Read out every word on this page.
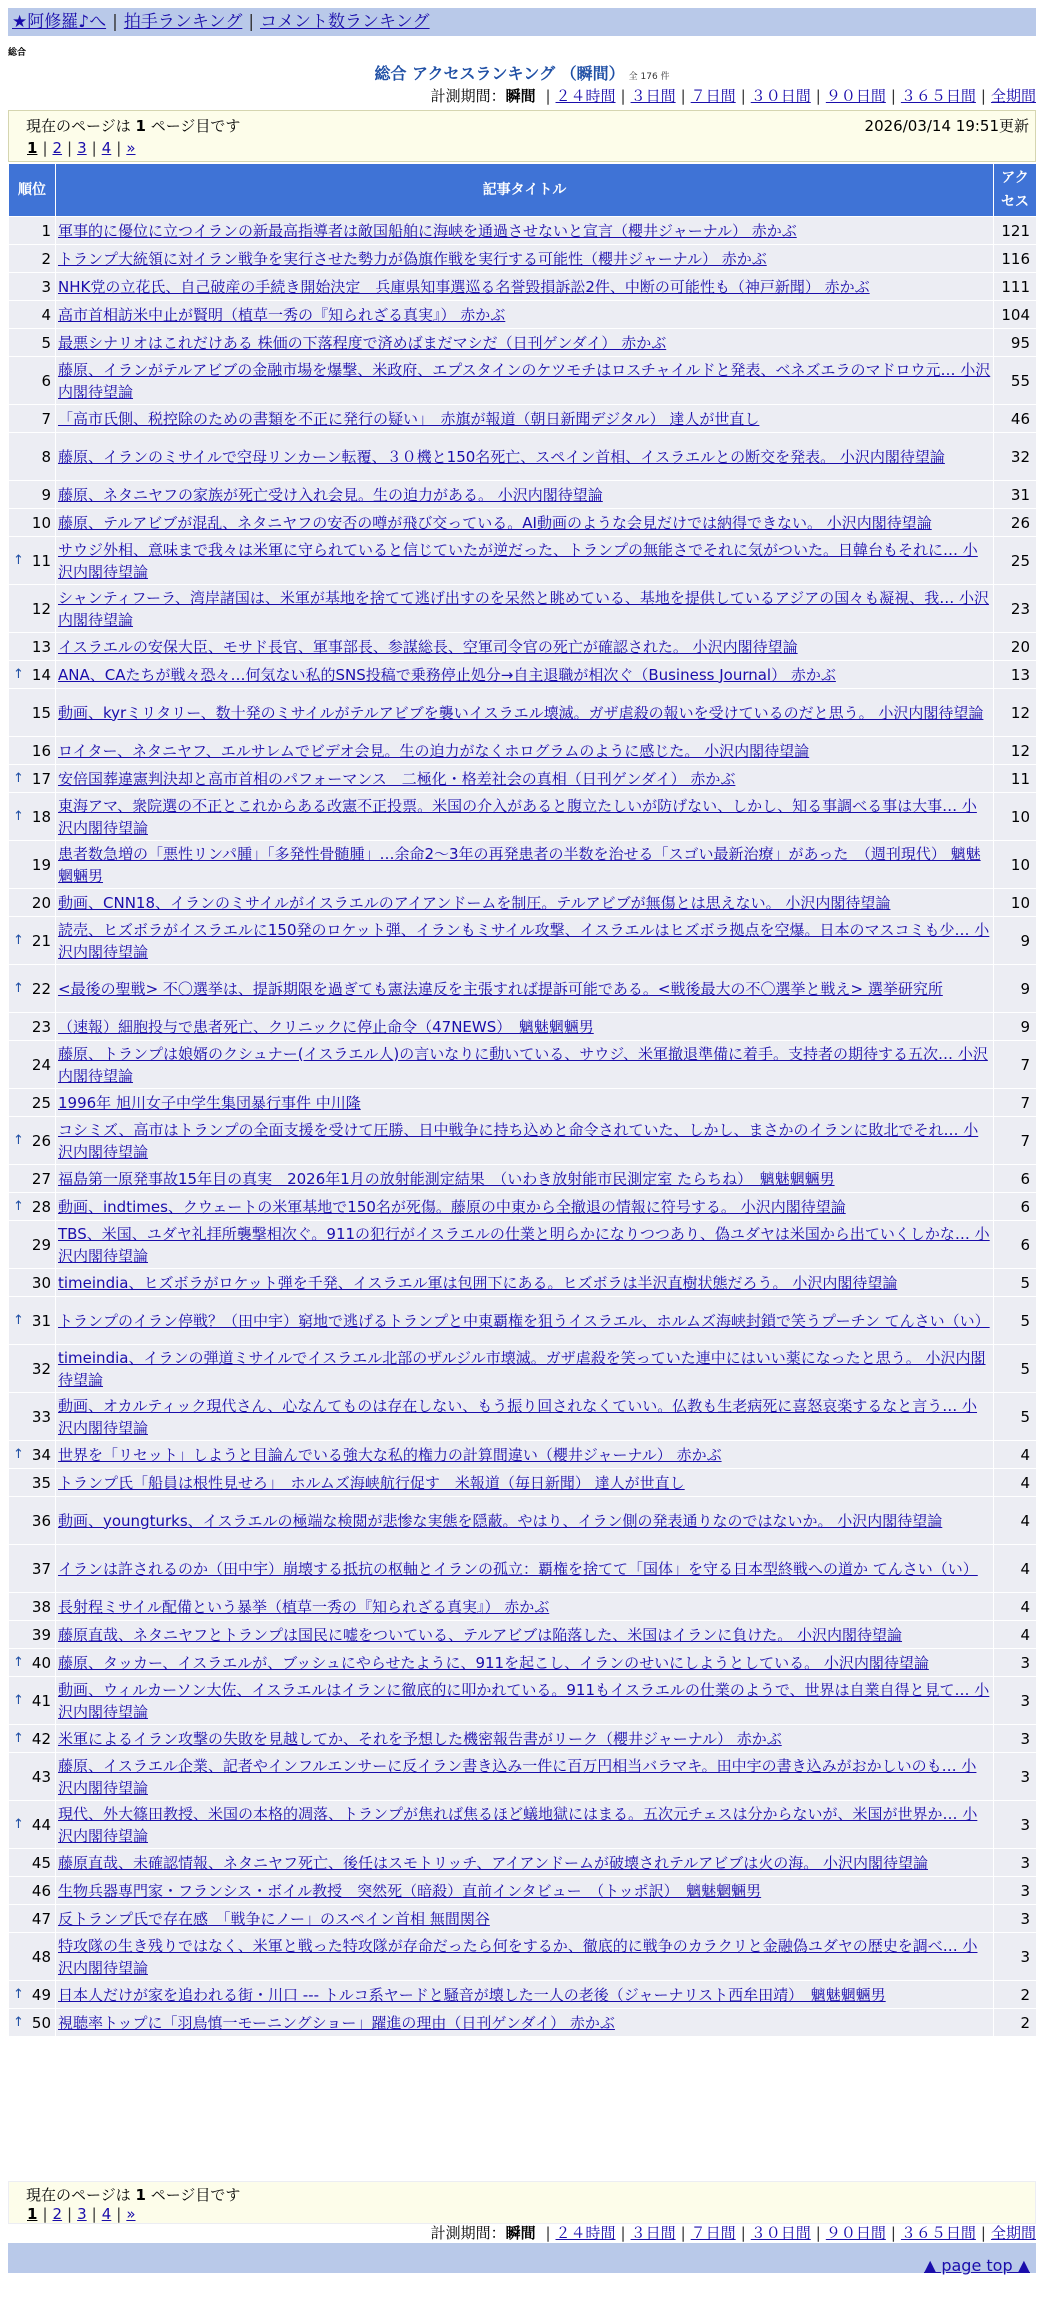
★阿修羅♪へ | 拍手ランキング | コメント数ランキング
総合
総合 アクセスランキング （瞬間） 全 176 件
計測期間：瞬間 | ２４時間 | ３日間 | ７日間 | ３０日間 | ９０日間 | ３６５日間 | 全期間
現在のページは 1 ページ目です	2026/03/14 19:51更新
1 | 2 | 3 | 4 | »
順位	記事タイトル	アクセス
1	軍事的に優位に立つイランの新最高指導者は敵国船舶に海峡を通過させないと宣言（櫻井ジャーナル） 赤かぶ	121
2	トランプ大統領に対イラン戦争を実行させた勢力が偽旗作戦を実行する可能性（櫻井ジャーナル） 赤かぶ	116
3	NHK党の立花氏、自己破産の手続き開始決定　兵庫県知事選巡る名誉毀損訴訟2件、中断の可能性も（神戸新聞） 赤かぶ	111
4	高市首相訪米中止が賢明（植草一秀の『知られざる真実』） 赤かぶ	104
5	最悪シナリオはこれだけある 株価の下落程度で済めばまだマシだ（日刊ゲンダイ） 赤かぶ	95
6	藤原、イランがテルアビブの金融市場を爆撃、米政府、エプスタインのケツモチはロスチャイルドと発表、ベネズエラのマドロウ元… 小沢内閣待望論	55
7	「高市氏側、税控除のための書類を不正に発行の疑い」　赤旗が報道（朝日新聞デジタル） 達人が世直し	46
8	藤原、イランのミサイルで空母リンカーン転覆、３０機と150名死亡、スペイン首相、イスラエルとの断交を発表。 小沢内閣待望論	32
9	藤原、ネタニヤフの家族が死亡受け入れ会見。生の迫力がある。 小沢内閣待望論	31
10	藤原、テルアビブが混乱、ネタニヤフの安否の噂が飛び交っている。AI動画のような会見だけでは納得できない。 小沢内閣待望論	26

↑ 11	サウジ外相、意味まで我々は米軍に守られていると信じていたが逆だった、トランプの無能さでそれに気がついた。日韓台もそれに… 小沢内閣待望論	25
12	シャンティフーラ、湾岸諸国は、米軍が基地を捨てて逃げ出すのを呆然と眺めている、基地を提供しているアジアの国々も凝視、我… 小沢内閣待望論	23
13	イスラエルの安保大臣、モサド長官、軍事部長、参謀総長、空軍司令官の死亡が確認された。 小沢内閣待望論	20

↑ 14	ANA、CAたちが戦々恐々…何気ない私的SNS投稿で乗務停止処分→自主退職が相次ぐ（Business Journal） 赤かぶ	13
15	動画、kyrミリタリー、数十発のミサイルがテルアビブを襲いイスラエル壊滅。ガザ虐殺の報いを受けているのだと思う。 小沢内閣待望論	12
16	ロイター、ネタニヤフ、エルサレムでビデオ会見。生の迫力がなくホログラムのように感じた。 小沢内閣待望論	12

↑ 17	安倍国葬違憲判決却と高市首相のパフォーマンス　二極化・格差社会の真相（日刊ゲンダイ） 赤かぶ	11

↑ 18	東海アマ、衆院選の不正とこれからある改憲不正投票。米国の介入があると腹立たしいが防げない、しかし、知る事調べる事は大事… 小沢内閣待望論	10
19	患者数急増の「悪性リンパ腫」「多発性骨髄腫」…余命2～3年の再発患者の半数を治せる「スゴい最新治療」があった　（週刊現代） 魑魅魍魎男	10
20	動画、CNN18、イランのミサイルがイスラエルのアイアンドームを制圧。テルアビブが無傷とは思えない。 小沢内閣待望論	10

↑ 21	読売、ヒズボラがイスラエルに150発のロケット弾、イランもミサイル攻撃、イスラエルはヒズボラ拠点を空爆。日本のマスコミも少… 小沢内閣待望論	9

↑ 22	<最後の聖戦> 不〇選挙は、提訴期限を過ぎても憲法違反を主張すれば提訴可能である。<戦後最大の不〇選挙と戦え> 選挙研究所	9
23	（速報）細胞投与で患者死亡、クリニックに停止命令（47NEWS）　魑魅魍魎男	9
24	藤原、トランプは娘婿のクシュナー(イスラエル人)の言いなりに動いている、サウジ、米軍撤退準備に着手。支持者の期待する五次… 小沢内閣待望論	7
25	1996年 旭川女子中学生集団暴行事件 中川隆	7

↑ 26	コシミズ、高市はトランプの全面支援を受けて圧勝、日中戦争に持ち込めと命令されていた、しかし、まさかのイランに敗北でそれ… 小沢内閣待望論	7
27	福島第一原発事故15年目の真実　2026年1月の放射能測定結果　（いわき放射能市民測定室 たらちね）　魑魅魍魎男	6

↑ 28	動画、indtimes、クウェートの米軍基地で150名が死傷。藤原の中東から全撤退の情報に符号する。 小沢内閣待望論	6
29	TBS、米国、ユダヤ礼拝所襲撃相次ぐ。911の犯行がイスラエルの仕業と明らかになりつつあり、偽ユダヤは米国から出ていくしかな… 小沢内閣待望論	6
30	timeindia、ヒズボラがロケット弾を千発、イスラエル軍は包囲下にある。ヒズボラは半沢直樹状態だろう。 小沢内閣待望論	5

↑ 31	トランプのイラン停戦？（田中宇）窮地で逃げるトランプと中東覇権を狙うイスラエル、ホルムズ海峡封鎖で笑うプーチン てんさい（い）	5
32	timeindia、イランの弾道ミサイルでイスラエル北部のザルジル市壊滅。ガザ虐殺を笑っていた連中にはいい薬になったと思う。 小沢内閣待望論	5
33	動画、オカルティック現代さん、心なんてものは存在しない、もう振り回されなくていい。仏教も生老病死に喜怒哀楽するなと言う… 小沢内閣待望論	5

↑ 34	世界を「リセット」しようと目論んでいる強大な私的権力の計算間違い（櫻井ジャーナル） 赤かぶ	4
35	トランプ氏「船員は根性見せろ」　ホルムズ海峡航行促す　米報道（毎日新聞） 達人が世直し	4
36	動画、youngturks、イスラエルの極端な検閲が悲惨な実態を隠蔽。やはり、イラン側の発表通りなのではないか。 小沢内閣待望論	4
37	イランは許されるのか（田中宇）崩壊する抵抗の枢軸とイランの孤立：覇権を捨てて「国体」を守る日本型終戦への道か てんさい（い）	4
38	長射程ミサイル配備という暴挙（植草一秀の『知られざる真実』） 赤かぶ	4
39	藤原直哉、ネタニヤフとトランプは国民に嘘をついている、テルアビブは陥落した、米国はイランに負けた。 小沢内閣待望論	4

↑ 40	藤原、タッカー、イスラエルが、ブッシュにやらせたように、911を起こし、イランのせいにしようとしている。 小沢内閣待望論	3

↑ 41	動画、ウィルカーソン大佐、イスラエルはイランに徹底的に叩かれている。911もイスラエルの仕業のようで、世界は自業自得と見て… 小沢内閣待望論	3

↑ 42	米軍によるイラン攻撃の失敗を見越してか、それを予想した機密報告書がリーク（櫻井ジャーナル） 赤かぶ	3
43	藤原、イスラエル企業、記者やインフルエンサーに反イラン書き込み一件に百万円相当バラマキ。田中宇の書き込みがおかしいのも… 小沢内閣待望論	3

↑ 44	現代、外大篠田教授、米国の本格的凋落、トランプが焦れば焦るほど蟻地獄にはまる。五次元チェスは分からないが、米国が世界か… 小沢内閣待望論	3
45	藤原直哉、未確認情報、ネタニヤフ死亡、後任はスモトリッチ、アイアンドームが破壊されテルアビブは火の海。 小沢内閣待望論	3
46	生物兵器専門家・フランシス・ボイル教授　突然死（暗殺）直前インタビュー　（トッポ訳）　魑魅魍魎男	3
47	反トランプ氏で存在感　「戦争にノー」のスペイン首相 無間関谷	3
48	特攻隊の生き残りではなく、米軍と戦った特攻隊が存命だったら何をするか、徹底的に戦争のカラクリと金融偽ユダヤの歴史を調べ… 小沢内閣待望論	3

↑ 49	日本人だけが家を追われる街・川口 --- トルコ系ヤードと騒音が壊した一人の老後（ジャーナリスト西牟田靖）　魑魅魍魎男	2

↑ 50	視聴率トップに「羽鳥慎一モーニングショー」躍進の理由（日刊ゲンダイ） 赤かぶ	2
現在のページは 1 ページ目です
1 | 2 | 3 | 4 | »
計測期間：瞬間 | ２４時間 | ３日間 | ７日間 | ３０日間 | ９０日間 | ３６５日間 | 全期間
▲ page top ▲
